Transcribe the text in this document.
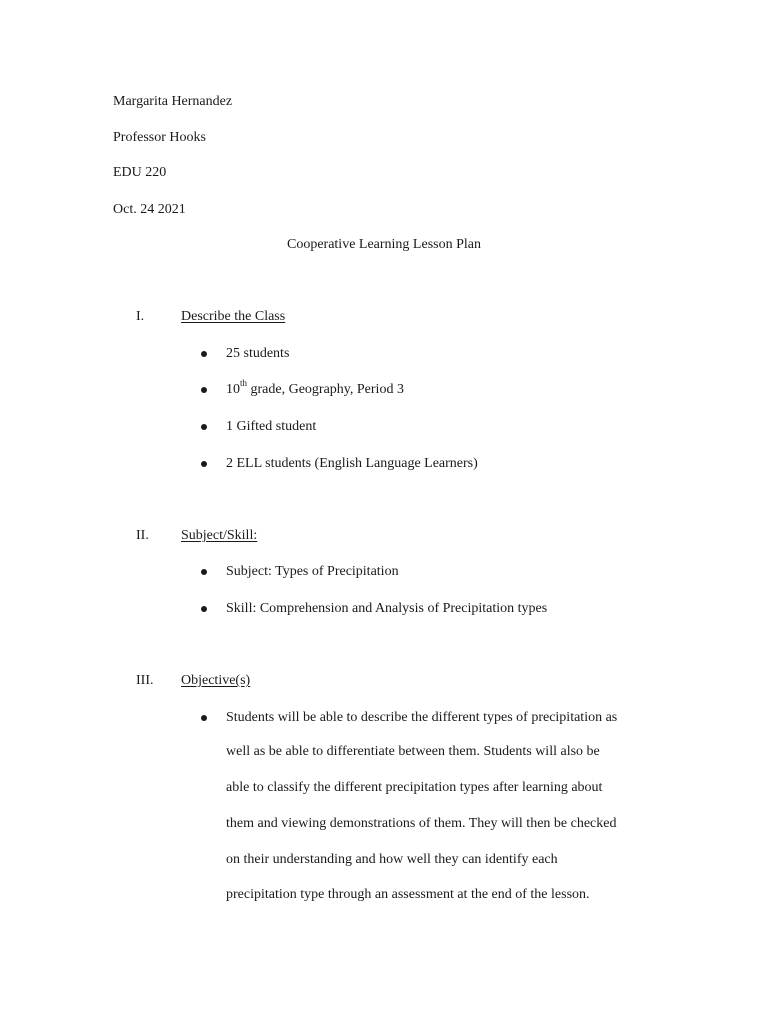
Margarita Hernandez
Professor Hooks
EDU 220
Oct. 24 2021
Cooperative Learning Lesson Plan
I.	Describe the Class
25 students
10th grade, Geography, Period 3
1 Gifted student
2 ELL students (English Language Learners)
II. Subject/Skill:
Subject: Types of Precipitation
Skill: Comprehension and Analysis of Precipitation types
III. Objective(s)
Students will be able to describe the different types of precipitation as
well as be able to differentiate between them. Students will also be
able to classify the different precipitation types after learning about
them and viewing demonstrations of them. They will then be checked
on their understanding and how well they can identify each
precipitation type through an assessment at the end of the lesson.
